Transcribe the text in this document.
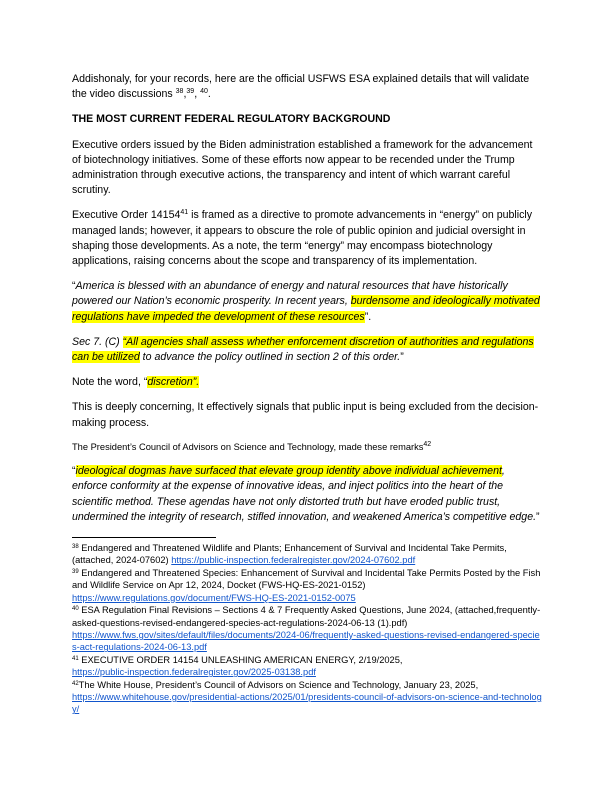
Addishonaly, for your records, here are the official USFWS ESA explained details that will validate the video discussions $^{38}$,$^{39}$, $^{40}$.

THE MOST CURRENT FEDERAL REGULATORY BACKGROUND

Executive orders issued by the Biden administration established a framework for the advancement of biotechnology initiatives. Some of these efforts now appear to be recended under the Trump administration through executive actions, the transparency and intent of which warrant careful scrutiny.

Executive Order 14154$^{41}$ is framed as a directive to promote advancements in “energy” on publicly managed lands; however, it appears to obscure the role of public opinion and judicial oversight in shaping those developments. As a note, the term “energy” may encompass biotechnology applications, raising concerns about the scope and transparency of its implementation.

“America is blessed with an abundance of energy and natural resources that have historically powered our Nation’s economic prosperity. In recent years, burdensome and ideologically motivated regulations have impeded the development of these resources”.

Sec 7. (C) “All agencies shall assess whether enforcement discretion of authorities and regulations can be utilized to advance the policy outlined in section 2 of this order.”

Note the word, “discretion”.

This is deeply concerning, It effectively signals that public input is being excluded from the decision-making process.

The President’s Council of Advisors on Science and Technology, made these remarks$^{42}$

“ideological dogmas have surfaced that elevate group identity above individual achievement, enforce conformity at the expense of innovative ideas, and inject politics into the heart of the scientific method. These agendas have not only distorted truth but have eroded public trust, undermined the integrity of research, stifled innovation, and weakened America’s competitive edge.”

$^{38}$ Endangered and Threatened Wildlife and Plants; Enhancement of Survival and Incidental Take Permits,(attached, 2024-07602) https://public-inspection.federalregister.gov/2024-07602.pdf

$^{39}$ Endangered and Threatened Species: Enhancement of Survival and Incidental Take Permits Posted by the Fish and Wildlife Service on Apr 12, 2024, Docket (FWS-HQ-ES-2021-0152)
https://www.regulations.gov/document/FWS-HQ-ES-2021-0152-0075

$^{40}$ ESA Regulation Final Revisions – Sections 4 & 7 Frequently Asked Questions, June 2024, (attached,frequently-asked-questions-revised-endangered-species-act-regulations-2024-06-13 (1).pdf)
https://www.fws.gov/sites/default/files/documents/2024-06/frequently-asked-questions-revised-endangered-species-act-regulations-2024-06-13.pdf

$^{41}$ EXECUTIVE ORDER 14154 UNLEASHING AMERICAN ENERGY, 2/19/2025,
https://public-inspection.federalregister.gov/2025-03138.pdf

$^{42}$The White House, President’s Council of Advisors on Science and Technology, January 23, 2025,
https://www.whitehouse.gov/presidential-actions/2025/01/presidents-council-of-advisors-on-science-and-technology/
